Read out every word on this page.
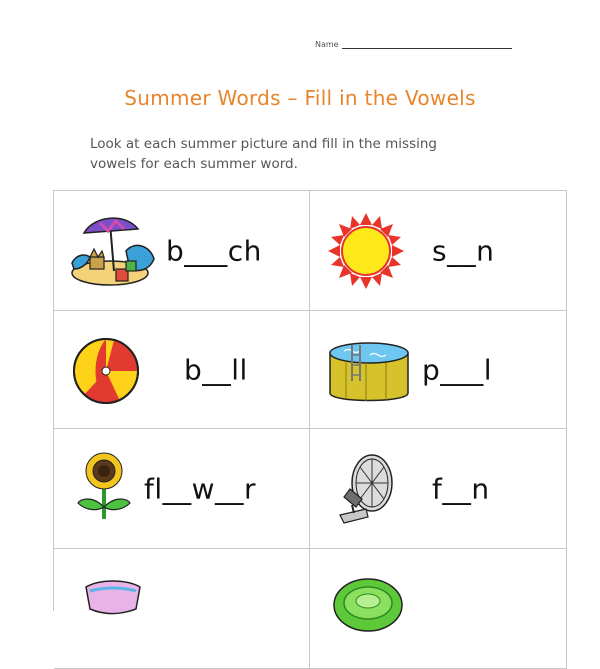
Name
Summer Words – Fill in the Vowels
Look at each summer picture and fill in the missing
vowels for each summer word.
b___ch	s__n
b__ll	p___l
fl__w__r	f__n
